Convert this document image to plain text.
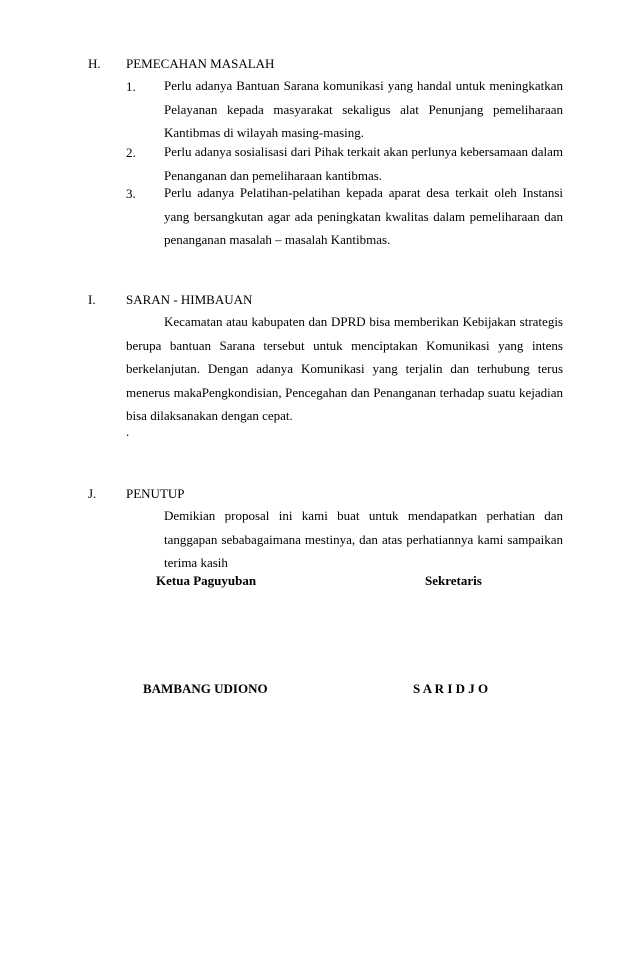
H. PEMECAHAN MASALAH
1. Perlu adanya Bantuan Sarana komunikasi yang handal untuk meningkatkan Pelayanan kepada masyarakat sekaligus alat Penunjang pemeliharaan Kantibmas di wilayah masing-masing.
2. Perlu adanya sosialisasi dari Pihak terkait akan perlunya kebersamaan dalam Penanganan dan pemeliharaan kantibmas.
3. Perlu adanya Pelatihan-pelatihan kepada aparat desa terkait oleh Instansi yang bersangkutan agar ada peningkatan kwalitas dalam pemeliharaan dan penanganan masalah – masalah Kantibmas.
I. SARAN - HIMBAUAN
Kecamatan atau kabupaten dan DPRD bisa memberikan Kebijakan strategis berupa bantuan Sarana tersebut untuk menciptakan Komunikasi yang intens berkelanjutan. Dengan adanya Komunikasi yang terjalin dan terhubung terus menerus makaPengkondisian, Pencegahan dan Penanganan terhadap suatu kejadian bisa dilaksanakan dengan cepat.
.
J. PENUTUP
Demikian proposal ini kami buat untuk mendapatkan perhatian dan tanggapan sebabagaimana mestinya, dan atas perhatiannya kami sampaikan terima kasih
Ketua Paguyuban	Sekretaris
BAMBANG UDIONO	S A R I D J O
